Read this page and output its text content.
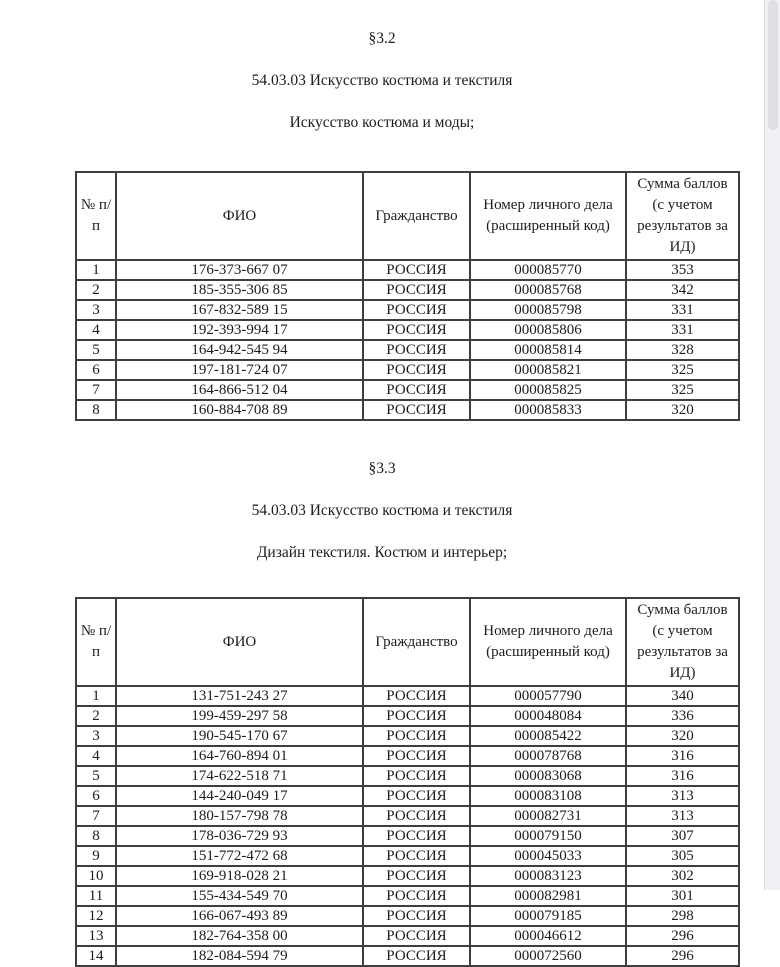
§3.2

54.03.03 Искусство костюма и текстиля

Искусство костюма и моды;

№ п/п	ФИО	Гражданство	Номер личного дела (расширенный код)	Сумма баллов (с учетом результатов за ИД)
1	176-373-667 07	РОССИЯ	000085770	353
2	185-355-306 85	РОССИЯ	000085768	342
3	167-832-589 15	РОССИЯ	000085798	331
4	192-393-994 17	РОССИЯ	000085806	331
5	164-942-545 94	РОССИЯ	000085814	328
6	197-181-724 07	РОССИЯ	000085821	325
7	164-866-512 04	РОССИЯ	000085825	325
8	160-884-708 89	РОССИЯ	000085833	320

§3.3

54.03.03 Искусство костюма и текстиля

Дизайн текстиля. Костюм и интерьер;

№ п/п	ФИО	Гражданство	Номер личного дела (расширенный код)	Сумма баллов (с учетом результатов за ИД)
1	131-751-243 27	РОССИЯ	000057790	340
2	199-459-297 58	РОССИЯ	000048084	336
3	190-545-170 67	РОССИЯ	000085422	320
4	164-760-894 01	РОССИЯ	000078768	316
5	174-622-518 71	РОССИЯ	000083068	316
6	144-240-049 17	РОССИЯ	000083108	313
7	180-157-798 78	РОССИЯ	000082731	313
8	178-036-729 93	РОССИЯ	000079150	307
9	151-772-472 68	РОССИЯ	000045033	305
10	169-918-028 21	РОССИЯ	000083123	302
11	155-434-549 70	РОССИЯ	000082981	301
12	166-067-493 89	РОССИЯ	000079185	298
13	182-764-358 00	РОССИЯ	000046612	296
14	182-084-594 79	РОССИЯ	000072560	296
